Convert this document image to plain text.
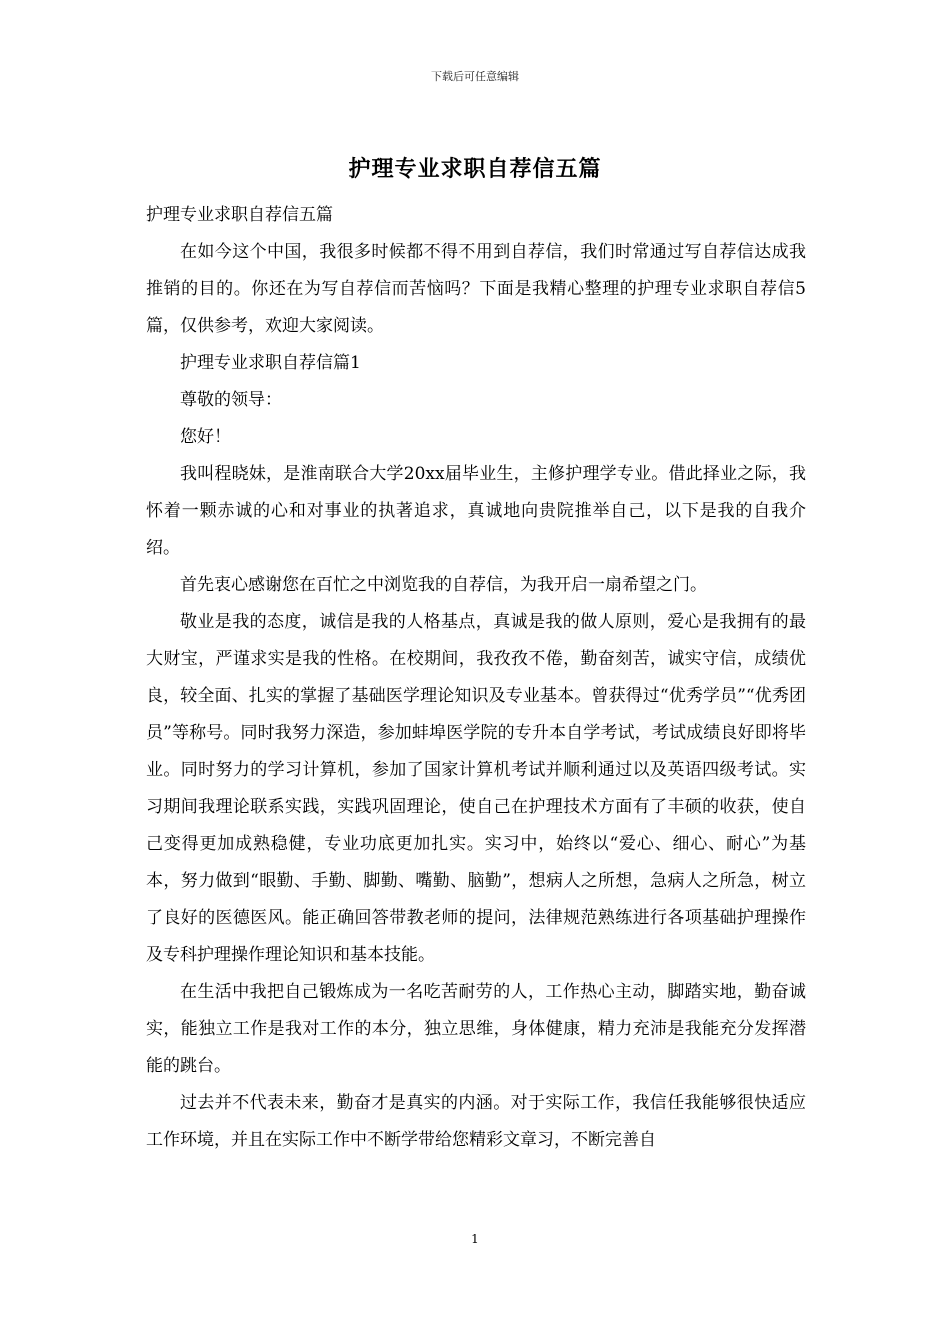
下载后可任意编辑
护理专业求职自荐信五篇

护理专业求职自荐信五篇

在如今这个中国，我很多时候都不得不用到自荐信，我们时常通过写自荐信达成我推销的目的。你还在为写自荐信而苦恼吗？下面是我精心整理的护理专业求职自荐信5篇，仅供参考，欢迎大家阅读。

护理专业求职自荐信篇1

尊敬的领导：

您好！

我叫程晓妹，是淮南联合大学20xx届毕业生，主修护理学专业。借此择业之际，我怀着一颗赤诚的心和对事业的执著追求，真诚地向贵院推举自己，以下是我的自我介绍。

首先衷心感谢您在百忙之中浏览我的自荐信，为我开启一扇希望之门。

敬业是我的态度，诚信是我的人格基点，真诚是我的做人原则，爱心是我拥有的最大财宝，严谨求实是我的性格。在校期间，我孜孜不倦，勤奋刻苦，诚实守信，成绩优良，较全面、扎实的掌握了基础医学理论知识及专业基本。曾获得过“优秀学员”“优秀团员”等称号。同时我努力深造，参加蚌埠医学院的专升本自学考试，考试成绩良好即将毕业。同时努力的学习计算机，参加了国家计算机考试并顺利通过以及英语四级考试。实习期间我理论联系实践，实践巩固理论，使自己在护理技术方面有了丰硕的收获，使自己变得更加成熟稳健，专业功底更加扎实。实习中，始终以“爱心、细心、耐心”为基本，努力做到“眼勤、手勤、脚勤、嘴勤、脑勤”，想病人之所想，急病人之所急，树立了良好的医德医风。能正确回答带教老师的提问，法律规范熟练进行各项基础护理操作及专科护理操作理论知识和基本技能。

在生活中我把自己锻炼成为一名吃苦耐劳的人，工作热心主动，脚踏实地，勤奋诚实，能独立工作是我对工作的本分，独立思维，身体健康，精力充沛是我能充分发挥潜能的跳台。

过去并不代表未来，勤奋才是真实的内涵。对于实际工作，我信任我能够很快适应工作环境，并且在实际工作中不断学带给您精彩文章习，不断完善自

1
